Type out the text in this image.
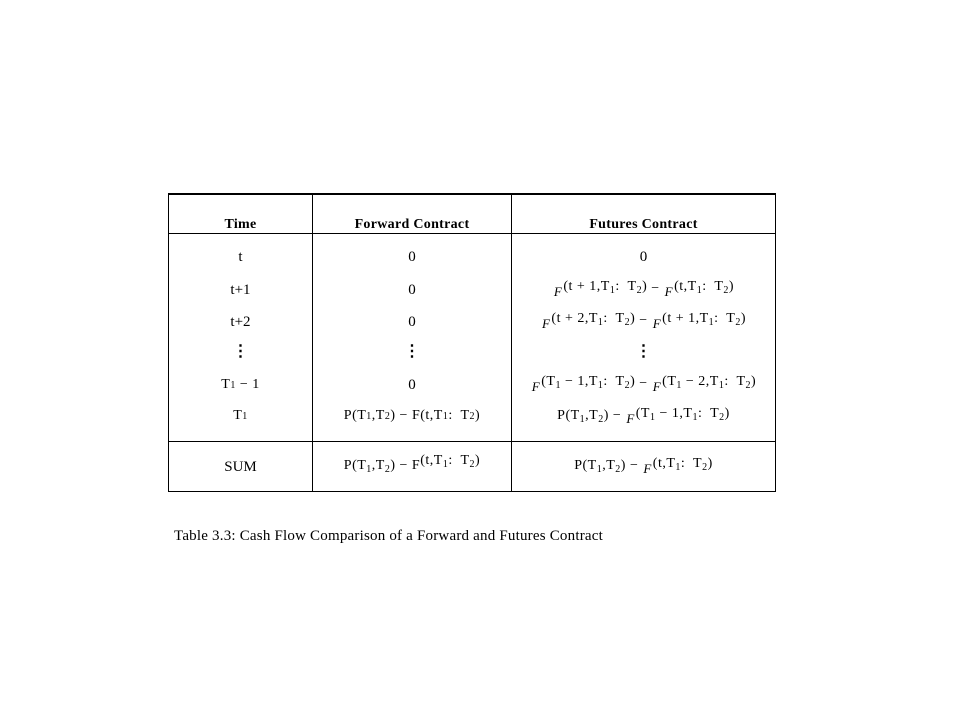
Time	Forward Contract	Futures Contract
t	0	0
t+1	0	F ($t + 1,T_1$:  $T_2) - F$ ($t,T_1$:  $T_2$)
t+2	0	F ($t + 2,T_1$:  $T_2) - F$ ($t + 1,T_1$:  $T_2$)
⋮	⋮	⋮
T 1 − 1	0	F ($T_1 - 1,T_1$:  $T_2) - F$ ($T_1 - 2,T_1$:  $T_2$)
T 1	P(T 1 ,T 2 ) − F(t,T 1 :  T 2 )	$P(T_1,T_2) - F$ ($T_1 - 1,T_1$:  $T_2$)
SUM	$P(T_1,T_2) - F$ ($t,T_1$:  $T_2$)	$P(T_1,T_2) - F$ ($t,T_1$:  $T_2$)
Table 3.3: Cash Flow Comparison of a Forward and Futures Contract
